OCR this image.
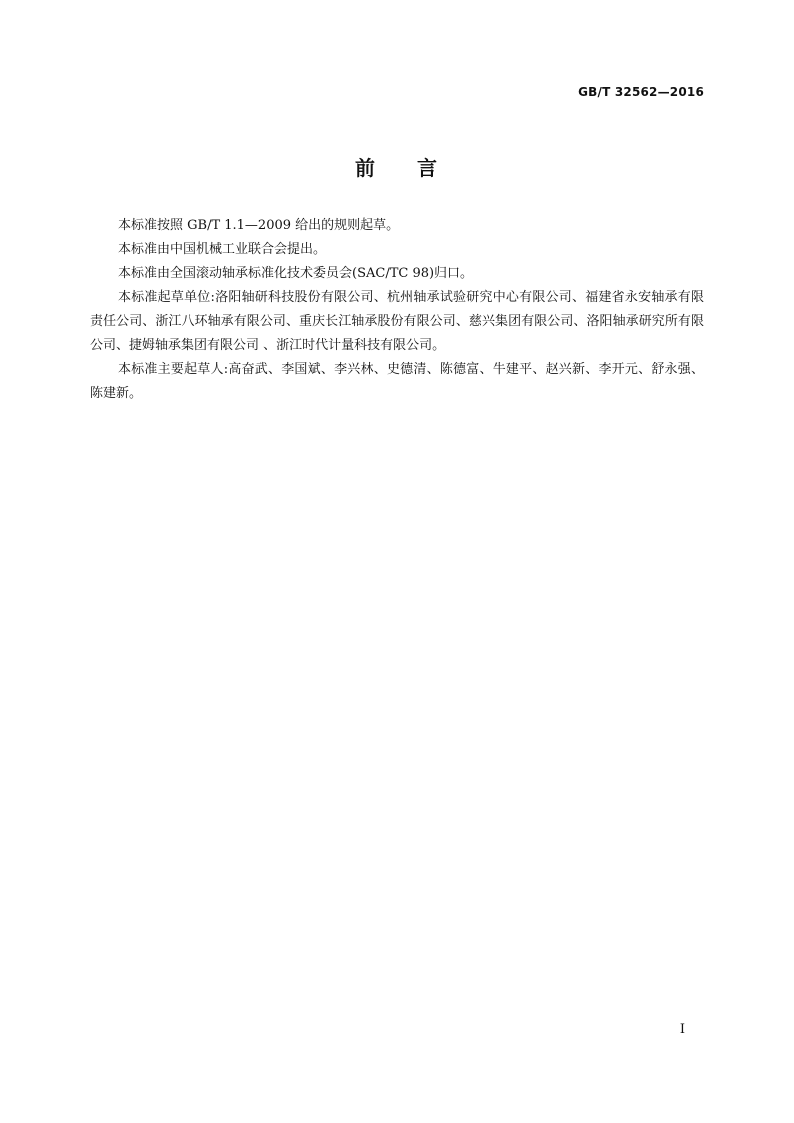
GB/T 32562—2016
前 言

本标准按照 GB/T 1.1—2009 给出的规则起草。

本标准由中国机械工业联合会提出。

本标准由全国滚动轴承标准化技术委员会(SAC/TC 98)归口。

本标准起草单位:洛阳轴研科技股份有限公司、杭州轴承试验研究中心有限公司、福建省永安轴承有限责任公司、浙江八环轴承有限公司、重庆长江轴承股份有限公司、慈兴集团有限公司、洛阳轴承研究所有限公司、捷姆轴承集团有限公司 、浙江时代计量科技有限公司。

本标准主要起草人:高奋武、李国斌、李兴林、史德清、陈德富、牛建平、赵兴新、李开元、舒永强、陈建新。

I
